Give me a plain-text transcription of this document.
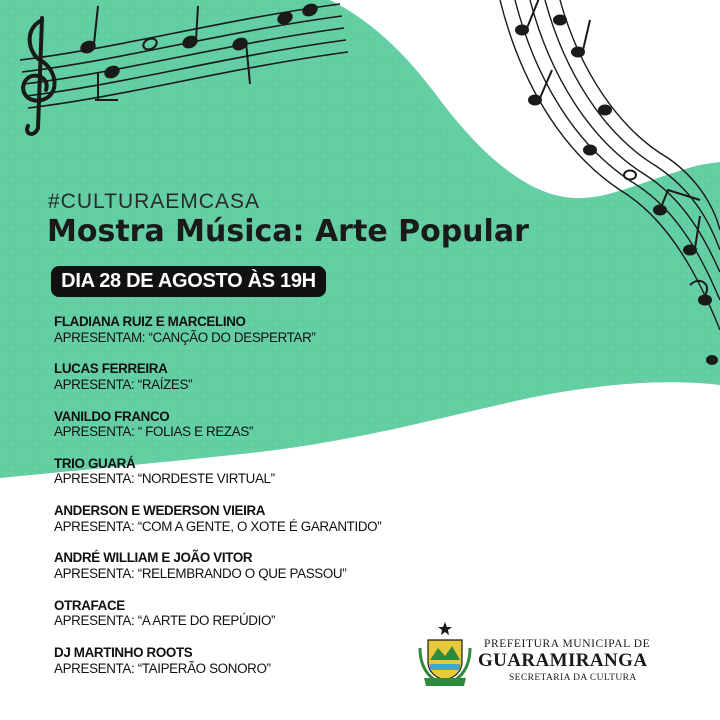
#CULTURAEMCASA
Mostra Música: Arte Popular
DIA 28 DE AGOSTO ÀS 19H
FLADIANA RUIZ E MARCELINO
APRESENTAM: “CANÇÃO DO DESPERTAR”
LUCAS FERREIRA
APRESENTA: “RAÍZES”
VANILDO FRANCO
APRESENTA: “ FOLIAS E REZAS”
TRIO GUARÁ
APRESENTA: “NORDESTE VIRTUAL”
ANDERSON E WEDERSON VIEIRA
APRESENTA: “COM A GENTE, O XOTE É GARANTIDO”
ANDRÉ WILLIAM E JOÃO VITOR
APRESENTA: “RELEMBRANDO O QUE PASSOU”
OTRAFACE
APRESENTA: “A ARTE DO REPÚDIO”
DJ MARTINHO ROOTS
APRESENTA: “TAIPERÃO SONORO”
PREFEITURA MUNICIPAL DE
GUARAMIRANGA
SECRETARIA DA CULTURA
